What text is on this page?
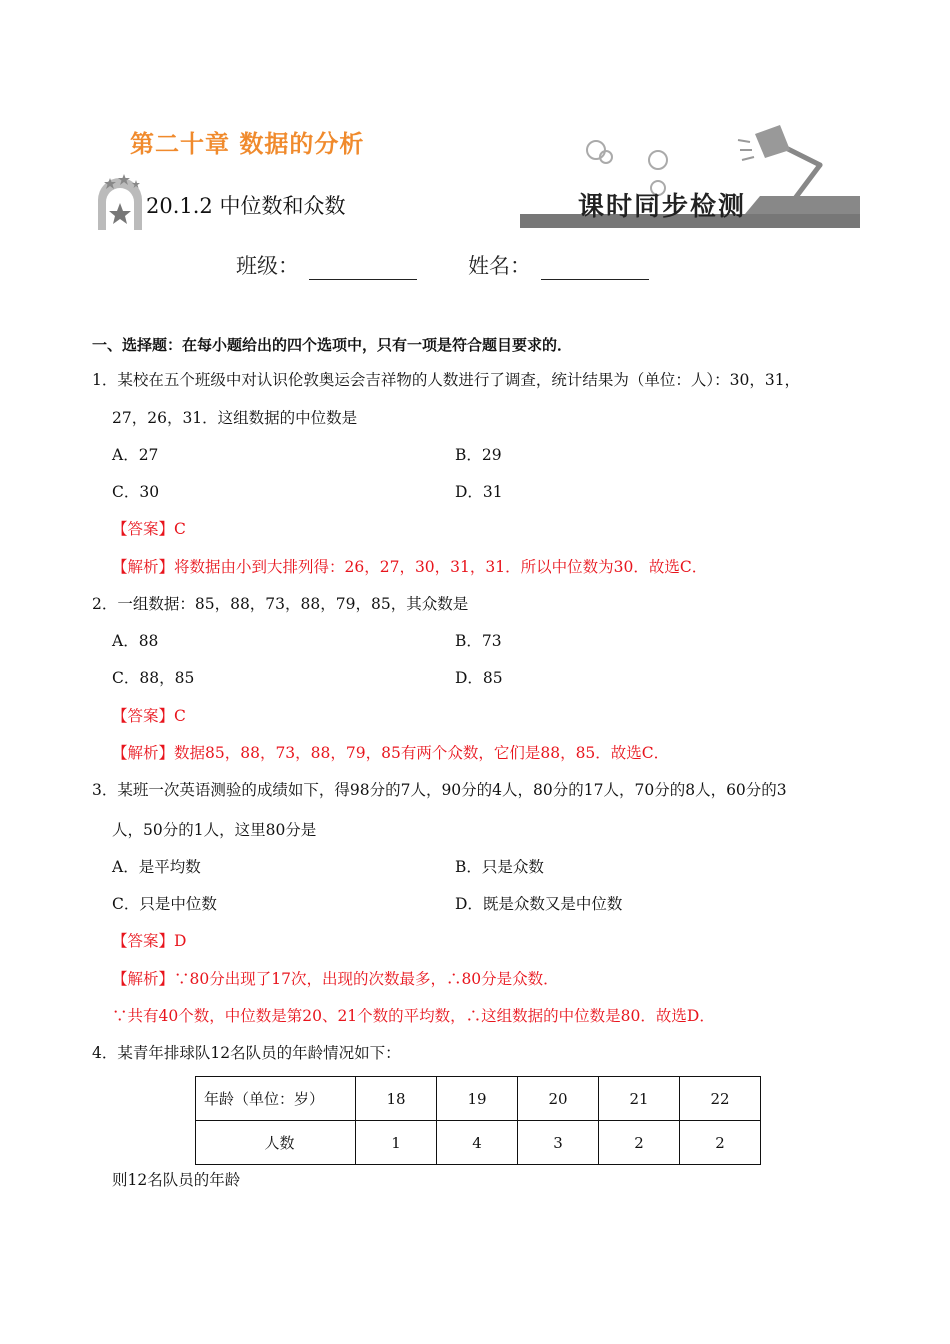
第二十章 数据的分析
20.1.2 中位数和众数	课时同步检测
班级：	姓名：
一、选择题：在每小题给出的四个选项中，只有一项是符合题目要求的．
1．某校在五个班级中对认识伦敦奥运会吉祥物的人数进行了调查，统计结果为（单位：人）：30，31，
27，26，31．这组数据的中位数是
A．27	B．29
C．30	D．31
【答案】C
【解析】将数据由小到大排列得：26，27，30，31，31．所以中位数为30．故选C．
2．一组数据：85，88，73，88，79，85，其众数是
A．88	B．73
C．88，85	D．85
【答案】C
【解析】数据85，88，73，88，79，85有两个众数，它们是88，85．故选C．
3．某班一次英语测验的成绩如下，得98分的7人，90分的4人，80分的17人，70分的8人，60分的3
人，50分的1人，这里80分是
A．是平均数	B．只是众数
C．只是中位数	D．既是众数又是中位数
【答案】D
【解析】∵80分出现了17次，出现的次数最多，∴80分是众数．
∵共有40个数，中位数是第20、21个数的平均数，∴这组数据的中位数是80．故选D．
4．某青年排球队12名队员的年龄情况如下：
年龄（单位：岁）	18	19	20	21	22
人数	1	4	3	2	2
则12名队员的年龄
